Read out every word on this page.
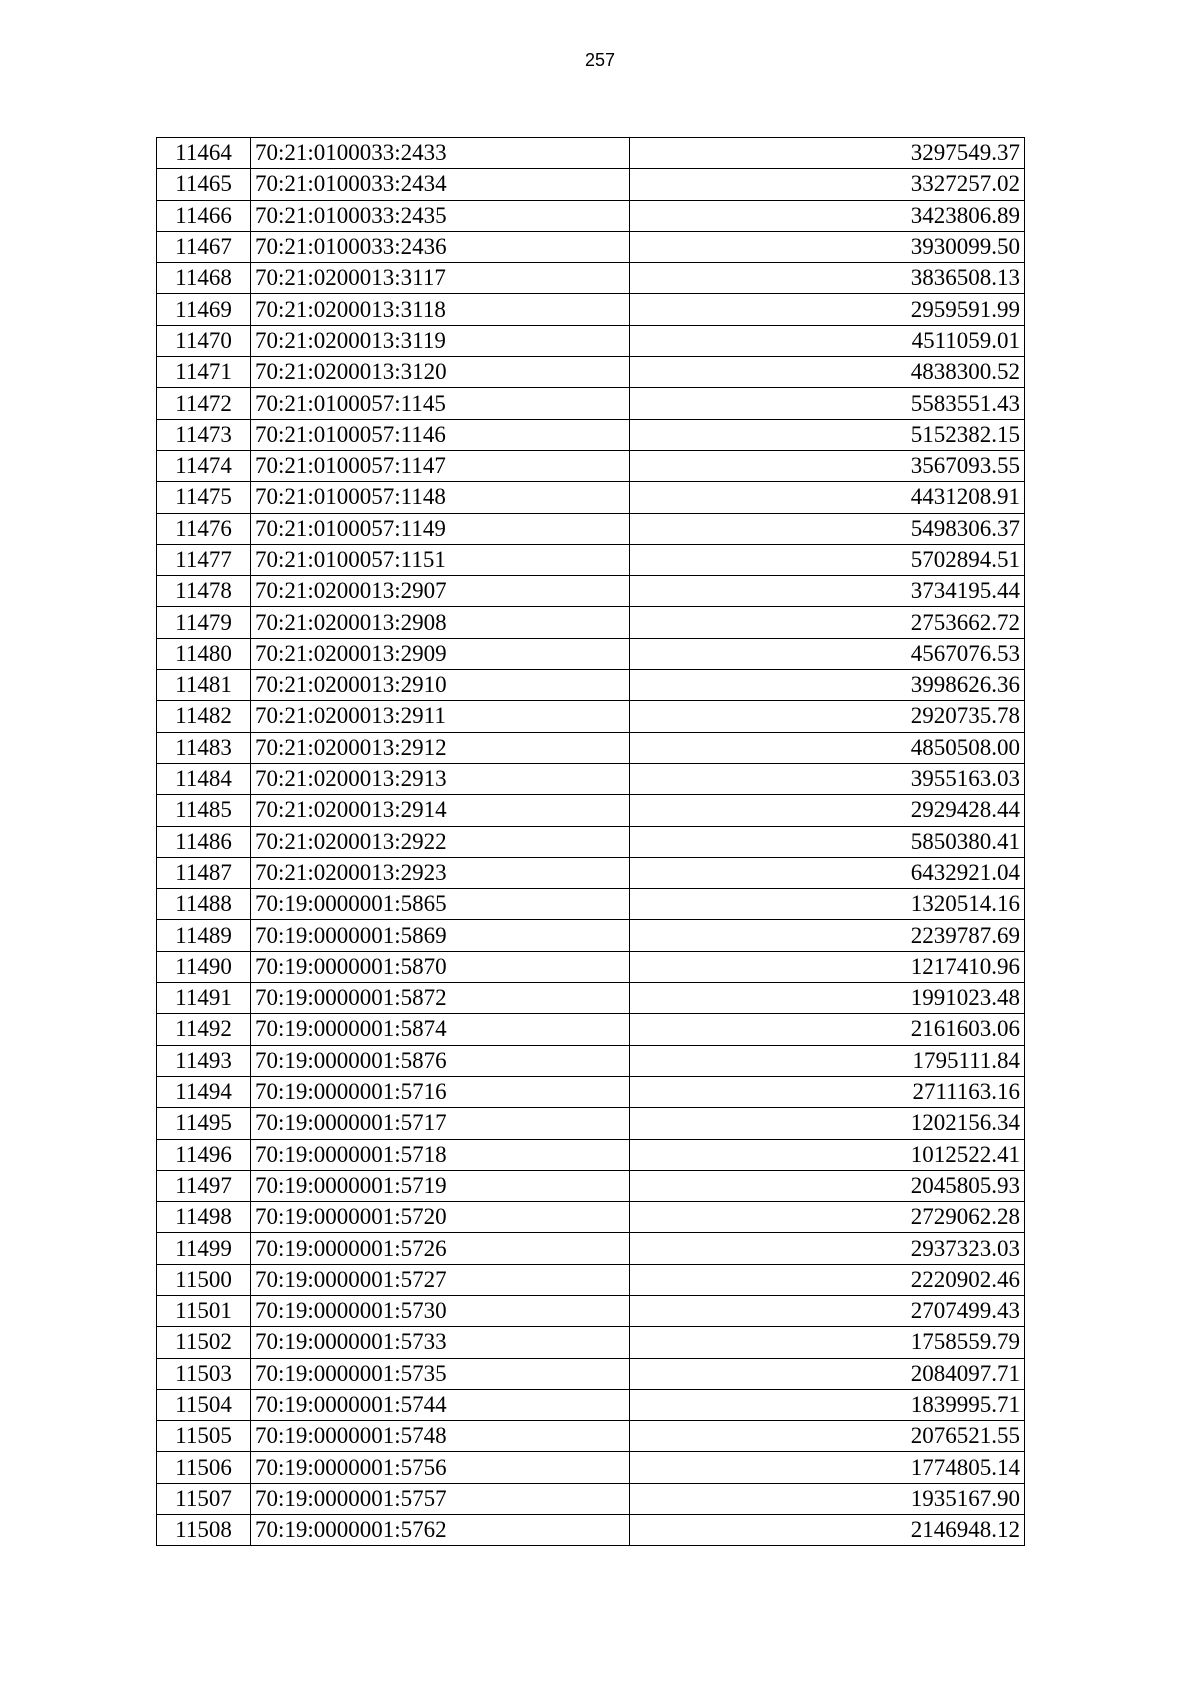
257
11464	70:21:0100033:2433	3297549.37
11465	70:21:0100033:2434	3327257.02
11466	70:21:0100033:2435	3423806.89
11467	70:21:0100033:2436	3930099.50
11468	70:21:0200013:3117	3836508.13
11469	70:21:0200013:3118	2959591.99
11470	70:21:0200013:3119	4511059.01
11471	70:21:0200013:3120	4838300.52
11472	70:21:0100057:1145	5583551.43
11473	70:21:0100057:1146	5152382.15
11474	70:21:0100057:1147	3567093.55
11475	70:21:0100057:1148	4431208.91
11476	70:21:0100057:1149	5498306.37
11477	70:21:0100057:1151	5702894.51
11478	70:21:0200013:2907	3734195.44
11479	70:21:0200013:2908	2753662.72
11480	70:21:0200013:2909	4567076.53
11481	70:21:0200013:2910	3998626.36
11482	70:21:0200013:2911	2920735.78
11483	70:21:0200013:2912	4850508.00
11484	70:21:0200013:2913	3955163.03
11485	70:21:0200013:2914	2929428.44
11486	70:21:0200013:2922	5850380.41
11487	70:21:0200013:2923	6432921.04
11488	70:19:0000001:5865	1320514.16
11489	70:19:0000001:5869	2239787.69
11490	70:19:0000001:5870	1217410.96
11491	70:19:0000001:5872	1991023.48
11492	70:19:0000001:5874	2161603.06
11493	70:19:0000001:5876	1795111.84
11494	70:19:0000001:5716	2711163.16
11495	70:19:0000001:5717	1202156.34
11496	70:19:0000001:5718	1012522.41
11497	70:19:0000001:5719	2045805.93
11498	70:19:0000001:5720	2729062.28
11499	70:19:0000001:5726	2937323.03
11500	70:19:0000001:5727	2220902.46
11501	70:19:0000001:5730	2707499.43
11502	70:19:0000001:5733	1758559.79
11503	70:19:0000001:5735	2084097.71
11504	70:19:0000001:5744	1839995.71
11505	70:19:0000001:5748	2076521.55
11506	70:19:0000001:5756	1774805.14
11507	70:19:0000001:5757	1935167.90
11508	70:19:0000001:5762	2146948.12
